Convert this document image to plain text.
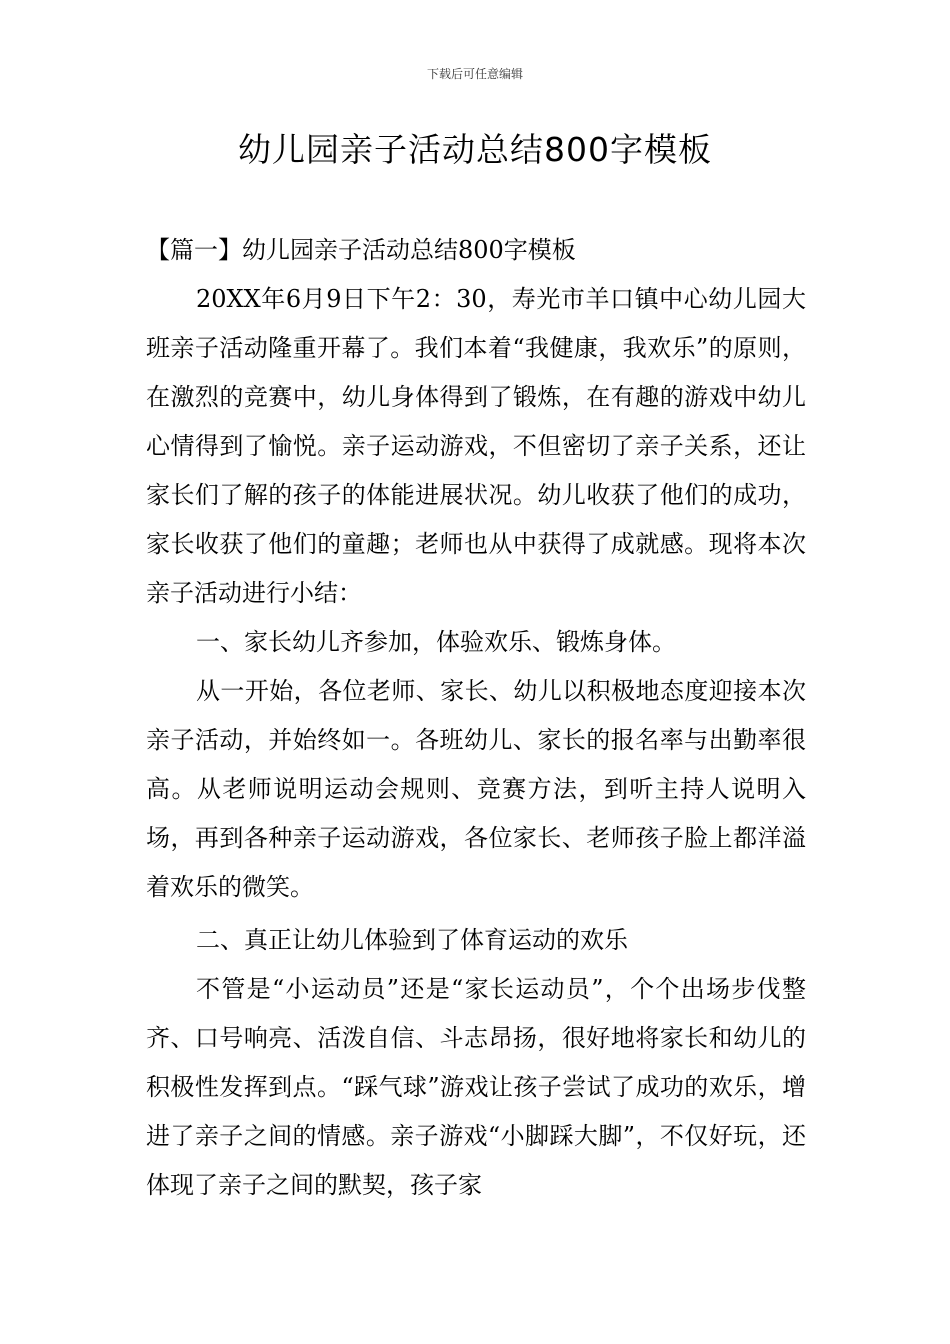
下载后可任意编辑
幼儿园亲子活动总结800字模板

【篇一】幼儿园亲子活动总结800字模板

20XX年6月9日下午2：30，寿光市羊口镇中心幼儿园大班亲子活动隆重开幕了。我们本着“我健康，我欢乐”的原则，在激烈的竞赛中，幼儿身体得到了锻炼，在有趣的游戏中幼儿心情得到了愉悦。亲子运动游戏，不但密切了亲子关系，还让家长们了解的孩子的体能进展状况。幼儿收获了他们的成功，家长收获了他们的童趣；老师也从中获得了成就感。现将本次亲子活动进行小结：

一、家长幼儿齐参加，体验欢乐、锻炼身体。

从一开始，各位老师、家长、幼儿以积极地态度迎接本次亲子活动，并始终如一。各班幼儿、家长的报名率与出勤率很高。从老师说明运动会规则、竞赛方法，到听主持人说明入场，再到各种亲子运动游戏，各位家长、老师孩子脸上都洋溢着欢乐的微笑。

二、真正让幼儿体验到了体育运动的欢乐

不管是“小运动员”还是“家长运动员”，个个出场步伐整齐、口号响亮、活泼自信、斗志昂扬，很好地将家长和幼儿的积极性发挥到点。“踩气球”游戏让孩子尝试了成功的欢乐，增进了亲子之间的情感。亲子游戏“小脚踩大脚”，不仅好玩，还体现了亲子之间的默契，孩子家
